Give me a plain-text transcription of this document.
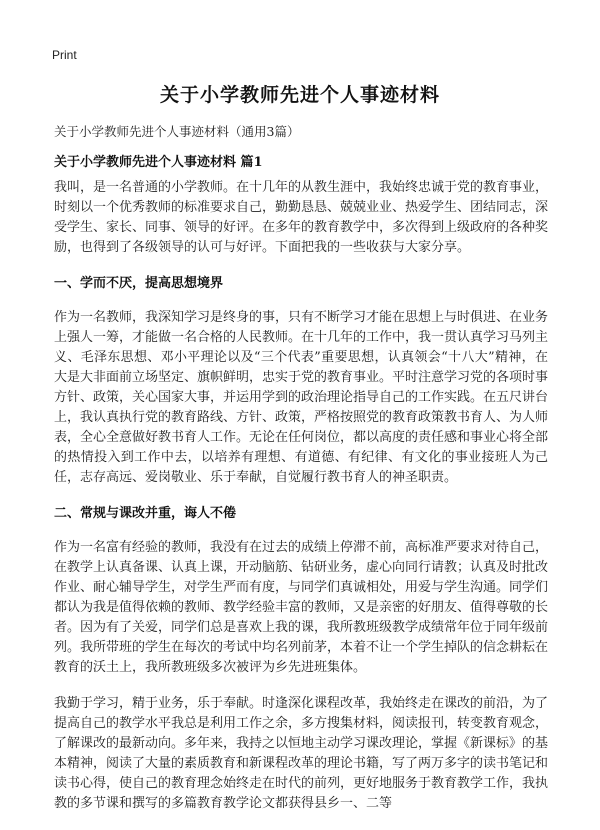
Print
关于小学教师先进个人事迹材料
关于小学教师先进个人事迹材料（通用3篇）
关于小学教师先进个人事迹材料 篇1

我叫，是一名普通的小学教师。在十几年的从教生涯中，我始终忠诚于党的教育事业，时刻以一个优秀教师的标准要求自己，勤勤恳恳、兢兢业业、热爱学生、团结同志，深受学生、家长、同事、领导的好评。在多年的教育教学中，多次得到上级政府的各种奖励，也得到了各级领导的认可与好评。下面把我的一些收获与大家分享。

一、学而不厌，提高思想境界

作为一名教师，我深知学习是终身的事，只有不断学习才能在思想上与时俱进、在业务上强人一筹，才能做一名合格的人民教师。在十几年的工作中，我一贯认真学习马列主义、毛泽东思想、邓小平理论以及“三个代表”重要思想，认真领会“十八大”精神，在大是大非面前立场坚定、旗帜鲜明，忠实于党的教育事业。平时注意学习党的各项时事方针、政策，关心国家大事，并运用学到的政治理论指导自己的工作实践。在五尺讲台上，我认真执行党的教育路线、方针、政策，严格按照党的教育政策教书育人、为人师表，全心全意做好教书育人工作。无论在任何岗位，都以高度的责任感和事业心将全部的热情投入到工作中去，以培养有理想、有道德、有纪律、有文化的事业接班人为己任，志存高远、爱岗敬业、乐于奉献，自觉履行教书育人的神圣职责。

二、常规与课改并重，诲人不倦

作为一名富有经验的教师，我没有在过去的成绩上停滞不前，高标准严要求对待自己，在教学上认真备课、认真上课，开动脑筋、钻研业务，虚心向同行请教；认真及时批改作业、耐心辅导学生，对学生严而有度，与同学们真诚相处，用爱与学生沟通。同学们都认为我是值得依赖的教师、教学经验丰富的教师，又是亲密的好朋友、值得尊敬的长者。因为有了关爱，同学们总是喜欢上我的课，我所教班级教学成绩常年位于同年级前列。我所带班的学生在每次的考试中均名列前茅，本着不让一个学生掉队的信念耕耘在教育的沃土上，我所教班级多次被评为乡先进班集体。

我勤于学习，精于业务，乐于奉献。时逢深化课程改革，我始终走在课改的前沿，为了提高自己的教学水平我总是利用工作之余，多方搜集材料，阅读报刊，转变教育观念，了解课改的最新动向。多年来，我持之以恒地主动学习课改理论，掌握《新课标》的基本精神，阅读了大量的素质教育和新课程改革的理论书籍，写了两万多字的读书笔记和读书心得，使自己的教育理念始终走在时代的前列，更好地服务于教育教学工作，我执教的多节课和撰写的多篇教育教学论文都获得县乡一、二等
